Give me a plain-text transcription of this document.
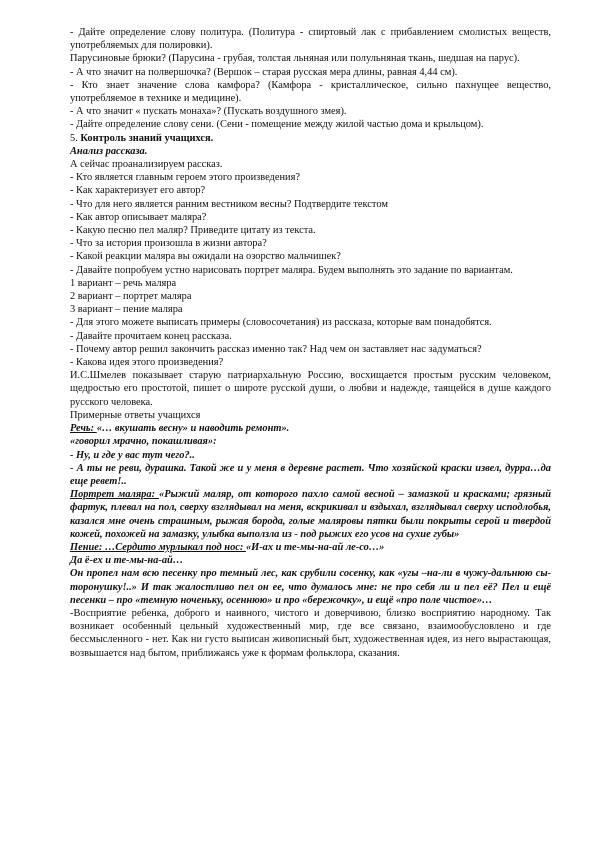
- Дайте определение слову политура. (Политура - спиртовый лак с прибавлением смолистых веществ, употребляемых для полировки).

Парусиновые брюки? (Парусина - грубая, толстая льняная или полульняная ткань, шедшая на парус).

- А что значит на полвершочка? (Вершок – старая русская мера длины, равная 4,44 см).

- Кто знает значение слова камфора? (Камфора - кристаллическое, сильно пахнущее вещество, употребляемое в технике и медицине).

- А что значит « пускать монаха»? (Пускать воздушного змея).

- Дайте определение слову сени. (Сени - помещение между жилой частью дома и крыльцом).

5. Контроль знаний учащихся.

Анализ рассказа.

А сейчас проанализируем рассказ.

- Кто является главным героем этого произведения?

- Как характеризует его автор?

- Что для него является ранним вестником весны? Подтвердите текстом

- Как автор описывает маляра?

- Какую песню пел маляр? Приведите цитату из текста.

- Что за история произошла в жизни автора?

- Какой реакции маляра вы ожидали на озорство мальчишек?

- Давайте попробуем устно нарисовать портрет маляра. Будем выполнять это задание по вариантам.

1 вариант – речь маляра

2 вариант – портрет маляра

3 вариант – пение маляра

- Для этого можете выписать примеры (словосочетания) из рассказа, которые вам понадобятся.

- Давайте прочитаем конец рассказа.

- Почему автор решил закончить рассказ именно так? Над чем он заставляет нас задуматься?

- Какова идея этого произведения?

И.С.Шмелев показывает старую патриархальную Россию, восхищается простым русским человеком, щедростью его простотой, пишет о широте русской души, о любви и надежде, таящейся в душе каждого русского человека.

Примерные ответы учащихся

Речь: «… вкушать весну» и наводить ремонт».

«говорил мрачно, покашливая»:

- Ну, и где у вас тут чего?..

- А ты не реви, дурашка. Такой же и у меня в деревне растет. Что хозяйской краски извел, дурра…да еще ревет!..

Портрет маляра: «Рыжий маляр, от которого пахло самой весной – замазкой и красками; грязный фартук, плевал на пол, сверху взглядывал на меня, вскрикивал и вздыхал, взглядывал сверху исподлобья, казался мне очень страшным, рыжая борода, голые маляровы пятки были покрыты серой и твердой кожей, похожей на замазку, улыбка выползла из - под рыжих его усов на сухие губы»

Пение: …Сердито мурлыкал под нос: «И-ах и те-мы-на-ай ле-со…»

Да ё-ех и те-мы-на-ай…

Он пропел нам всю песенку про темный лес, как срубили сосенку, как «угы –на-ли в чужу-дальнюю сы-торонушку!..» И так жалостливо пел он ее, что думалось мне: не про себя ли и пел её? Пел и ещё песенки – про «темную ноченьку, осеннюю» и про «бережочку», и ещё «про поле чистое»…

-Восприятие ребенка, доброго и наивного, чистого и доверчивою, близко восприятию народному. Так возникает особенный цельный художественный мир, где все связано, взаимообусловлено и где бессмысленного - нет. Как ни густо выписан живописный быт, художественная идея, из него вырастающая, возвышается над бытом, приближаясь уже к формам фольклора, сказания.
